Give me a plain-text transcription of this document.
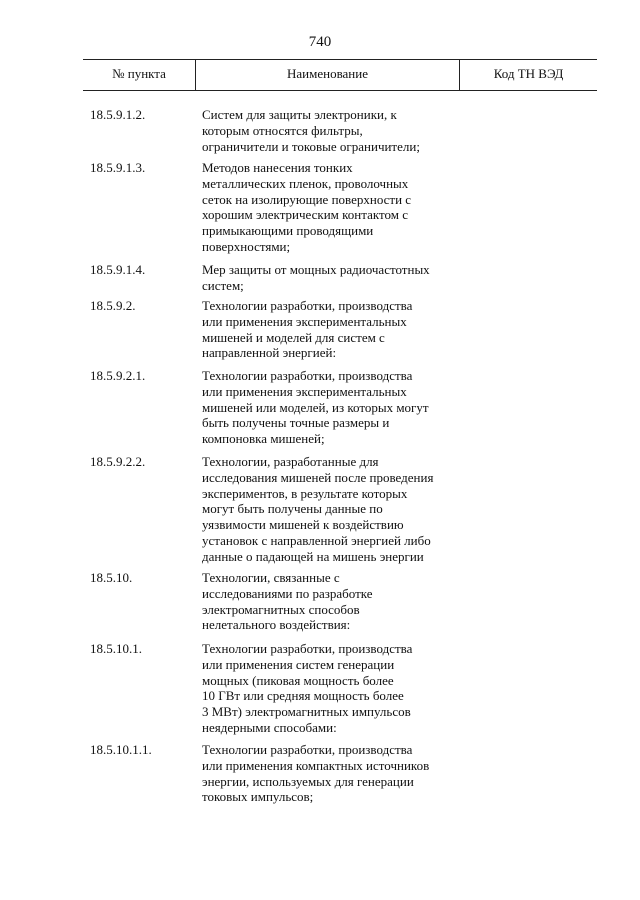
740
№ пункта	Наименование	Код ТН ВЭД
18.5.9.1.2.	Систем для защиты электроники, к
которым относятся фильтры,
ограничители и токовые ограничители;
18.5.9.1.3.	Методов нанесения тонких
металлических пленок, проволочных
сеток на изолирующие поверхности с
хорошим электрическим контактом с
примыкающими проводящими
поверхностями;
18.5.9.1.4.	Мер защиты от мощных радиочастотных
систем;
18.5.9.2.	Технологии разработки, производства
или применения экспериментальных
мишеней и моделей для систем с
направленной энергией:
18.5.9.2.1.	Технологии разработки, производства
или применения экспериментальных
мишеней или моделей, из которых могут
быть получены точные размеры и
компоновка мишеней;
18.5.9.2.2.	Технологии, разработанные для
исследования мишеней после проведения
экспериментов, в результате которых
могут быть получены данные по
уязвимости мишеней к воздействию
установок с направленной энергией либо
данные о падающей на мишень энергии
18.5.10.	Технологии, связанные с
исследованиями по разработке
электромагнитных способов
нелетального воздействия:
18.5.10.1.	Технологии разработки, производства
или применения систем генерации
мощных (пиковая мощность более
10 ГВт или средняя мощность более
3 МВт) электромагнитных импульсов
неядерными способами:
18.5.10.1.1.	Технологии разработки, производства
или применения компактных источников
энергии, используемых для генерации
токовых импульсов;
